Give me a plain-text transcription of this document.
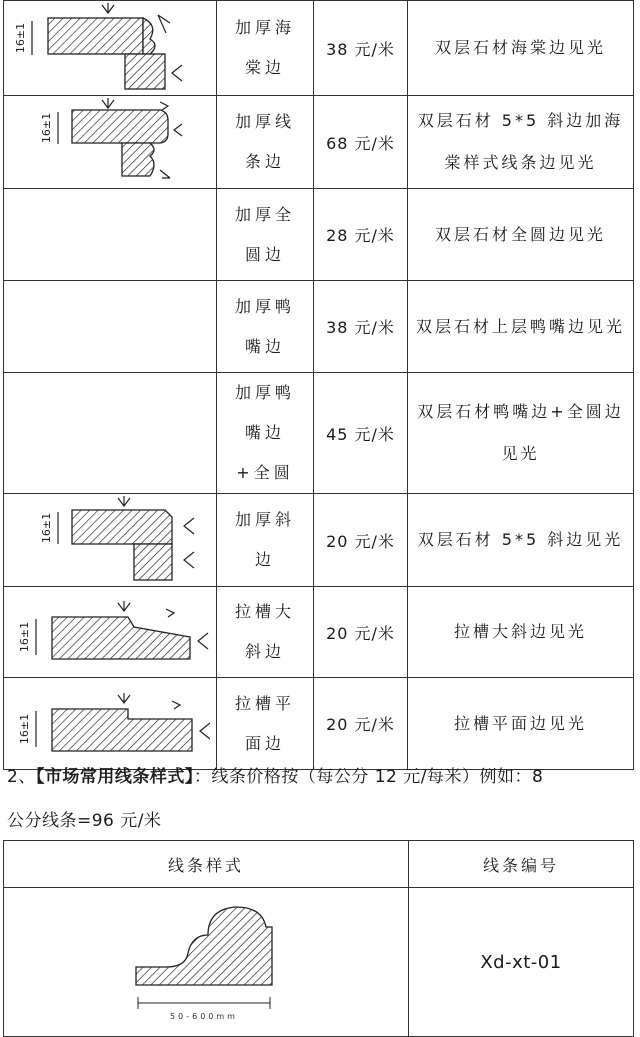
16±1	加厚海棠边	38 元/米	双层石材海棠边见光

16±1	加厚线条边	68 元/米	双层石材 5*5 斜边加海棠样式线条边见光

	加厚全圆边	28 元/米	双层石材全圆边见光

	加厚鸭嘴边	38 元/米	双层石材上层鸭嘴边见光

	加厚鸭嘴边+全圆	45 元/米	双层石材鸭嘴边+全圆边见光

16±1	加厚斜边	20 元/米	双层石材 5*5 斜边见光

16±1	拉槽大斜边	20 元/米	拉槽大斜边见光

16±1	拉槽平面边	20 元/米	拉槽平面边见光
2、【市场常用线条样式】：线条价格按（每公分 12 元/每米）例如：8
公分线条=96 元/米
线条样式	线条编号

50-600mm	Xd-xt-01
